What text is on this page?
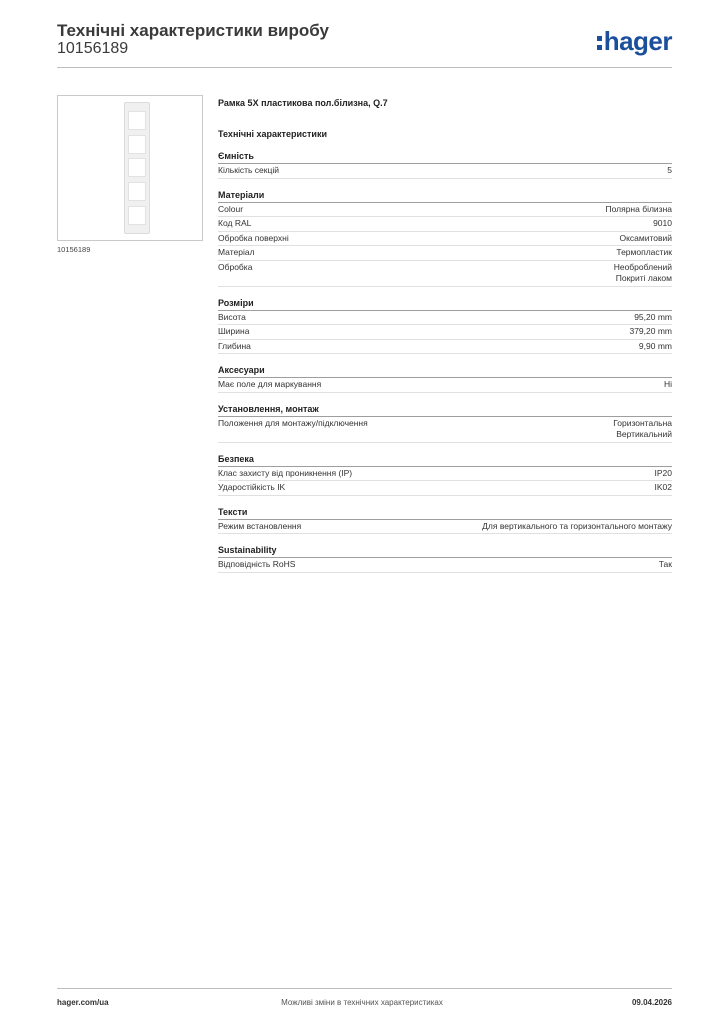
Технічні характеристики виробу
10156189	hager
10156189
Рамка 5Х пластикова пол.білизна, Q.7
Технічні характеристики
Ємність
Кількість секцій	5
Матеріали
Colour	Полярна білизна
Код RAL	9010
Обробка поверхні	Оксамитовий
Матеріал	Термопластик
Обробка	Необроблений
Покриті лаком
Розміри
Висота	95,20 mm
Ширина	379,20 mm
Глибина	9,90 mm
Аксесуари
Має поле для маркування	Ні
Установлення, монтаж
Положення для монтажу/підключення	Горизонтальна
Вертикальний
Безпека
Клас захисту від проникнення (IP)	IP20
Ударостійкість IK	IK02
Тексти
Режим встановлення	Для вертикального та горизонтального монтажу
Sustainability
Відповідність RoHS	Так
hager.com/ua	Можливі зміни в технічних характеристиках	09.04.2026
